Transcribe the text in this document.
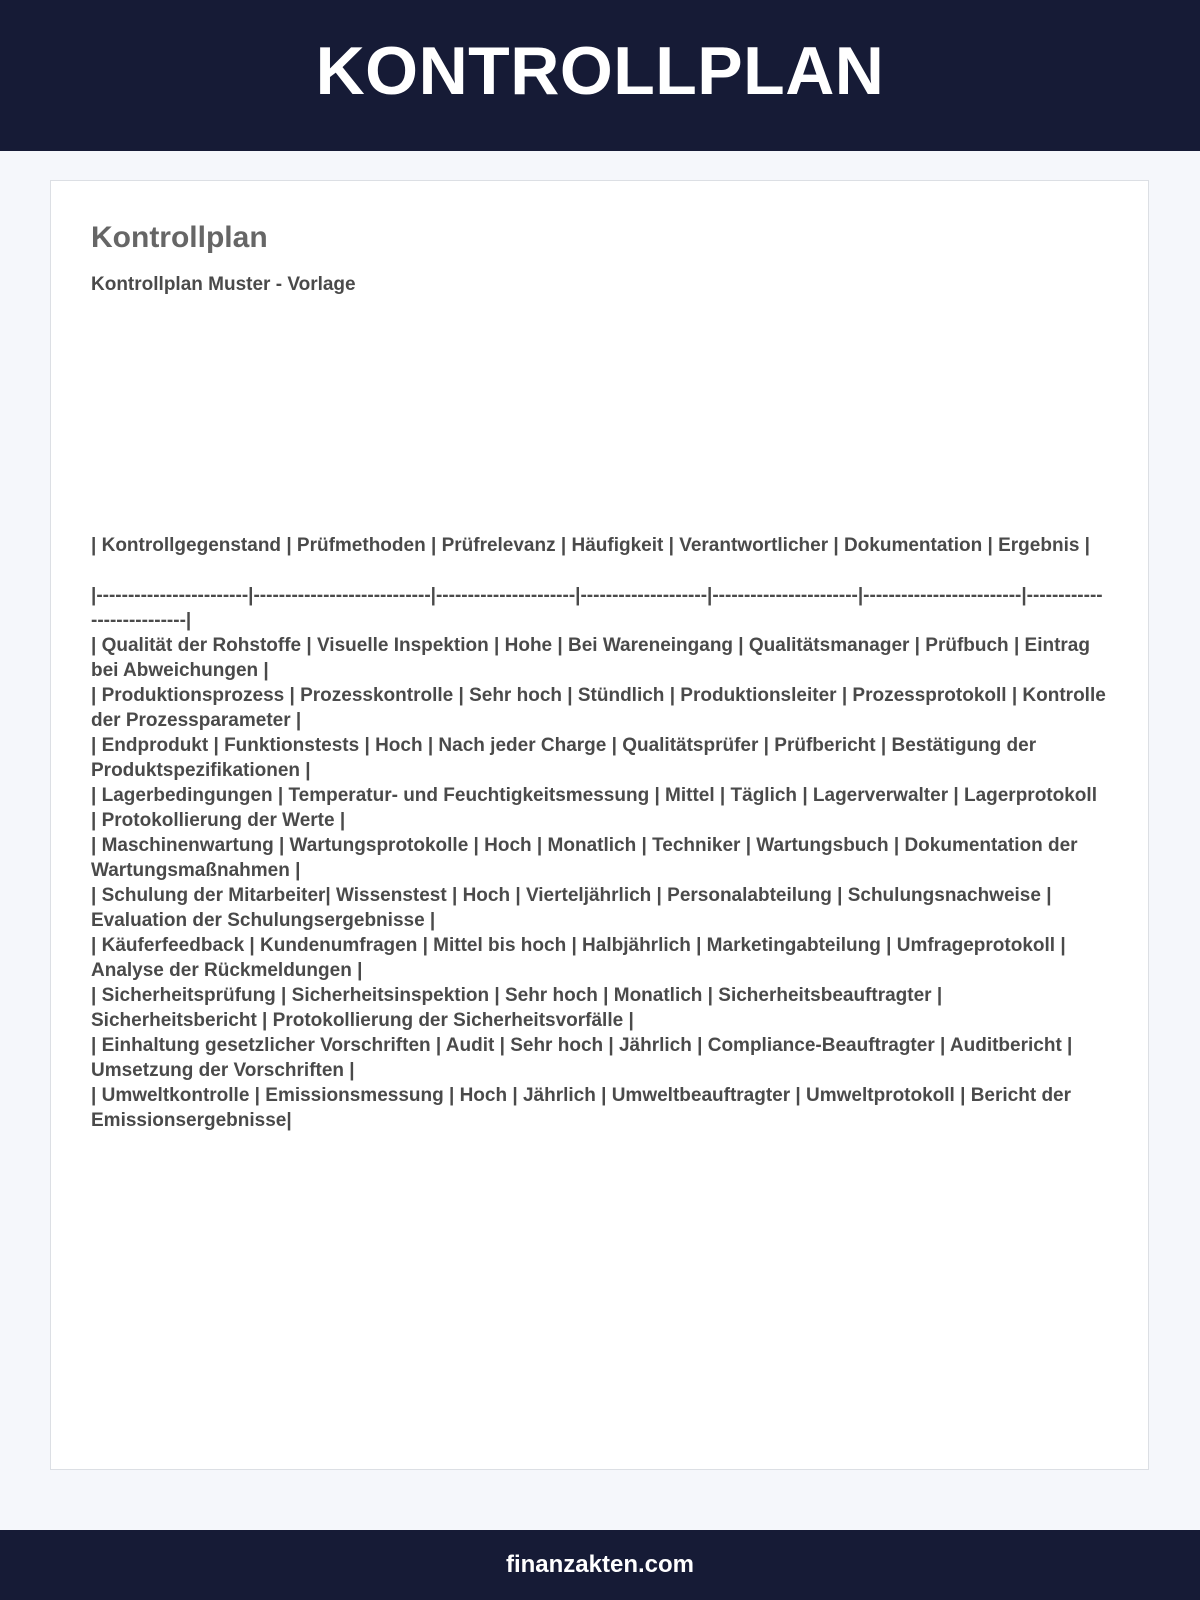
KONTROLLPLAN
Kontrollplan

Kontrollplan Muster - Vorlage

| Kontrollgegenstand | Prüfmethoden | Prüfrelevanz | Häufigkeit | Verantwortlicher | Dokumentation | Ergebnis |

|------------------------|----------------------------|----------------------|--------------------|-----------------------|-------------------------|---------------------------|

| Qualität der Rohstoffe | Visuelle Inspektion | Hohe | Bei Wareneingang | Qualitätsmanager | Prüfbuch | Eintrag bei Abweichungen |

| Produktionsprozess | Prozesskontrolle | Sehr hoch | Stündlich | Produktionsleiter | Prozessprotokoll | Kontrolle der Prozessparameter |

| Endprodukt | Funktionstests | Hoch | Nach jeder Charge | Qualitätsprüfer | Prüfbericht | Bestätigung der Produktspezifikationen |

| Lagerbedingungen | Temperatur- und Feuchtigkeitsmessung | Mittel | Täglich | Lagerverwalter | Lagerprotokoll | Protokollierung der Werte |

| Maschinenwartung | Wartungsprotokolle | Hoch | Monatlich | Techniker | Wartungsbuch | Dokumentation der Wartungsmaßnahmen |

| Schulung der Mitarbeiter| Wissenstest | Hoch | Vierteljährlich | Personalabteilung | Schulungsnachweise | Evaluation der Schulungsergebnisse |

| Käuferfeedback | Kundenumfragen | Mittel bis hoch | Halbjährlich | Marketingabteilung | Umfrageprotokoll | Analyse der Rückmeldungen |

| Sicherheitsprüfung | Sicherheitsinspektion | Sehr hoch | Monatlich | Sicherheitsbeauftragter | Sicherheitsbericht | Protokollierung der Sicherheitsvorfälle |

| Einhaltung gesetzlicher Vorschriften | Audit | Sehr hoch | Jährlich | Compliance-Beauftragter | Auditbericht | Umsetzung der Vorschriften |

| Umweltkontrolle | Emissionsmessung | Hoch | Jährlich | Umweltbeauftragter | Umweltprotokoll | Bericht der Emissionsergebnisse|

finanzakten.com
